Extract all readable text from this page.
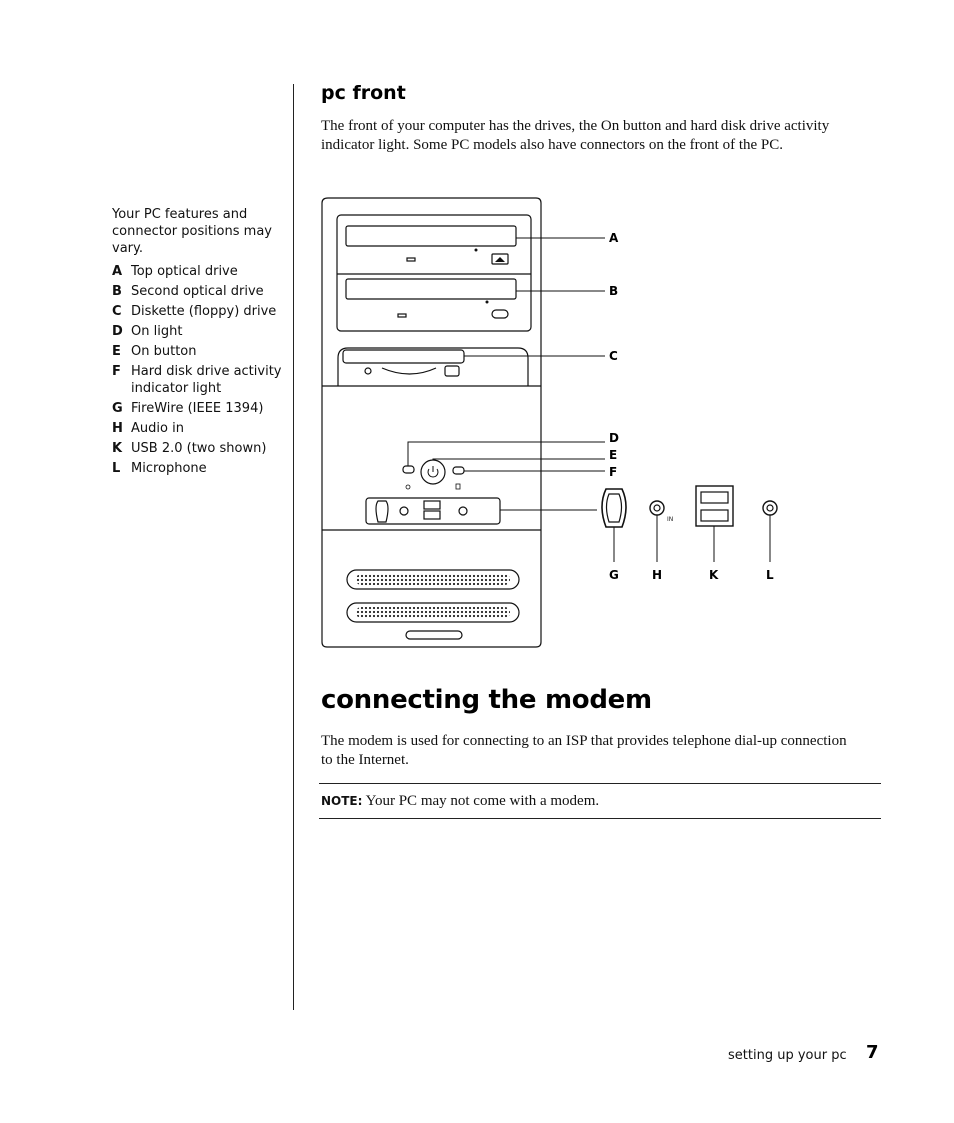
Your PC features and connector positions may vary.

A Top optical drive
B Second optical drive
C Diskette (floppy) drive
D On light
E On button
F Hard disk drive activity indicator light
G FireWire (IEEE 1394)
H Audio in
K USB 2.0 (two shown)
L Microphone
pc front

The front of your computer has the drives, the On button and hard disk drive activity indicator light. Some PC models also have connectors on the front of the PC.

IN
A
B
C
D
E
F
G	H	K	L
connecting the modem

The modem is used for connecting to an ISP that provides telephone dial-up connection to the Internet.

NOTE: Your PC may not come with a modem.
setting up your pc 7
